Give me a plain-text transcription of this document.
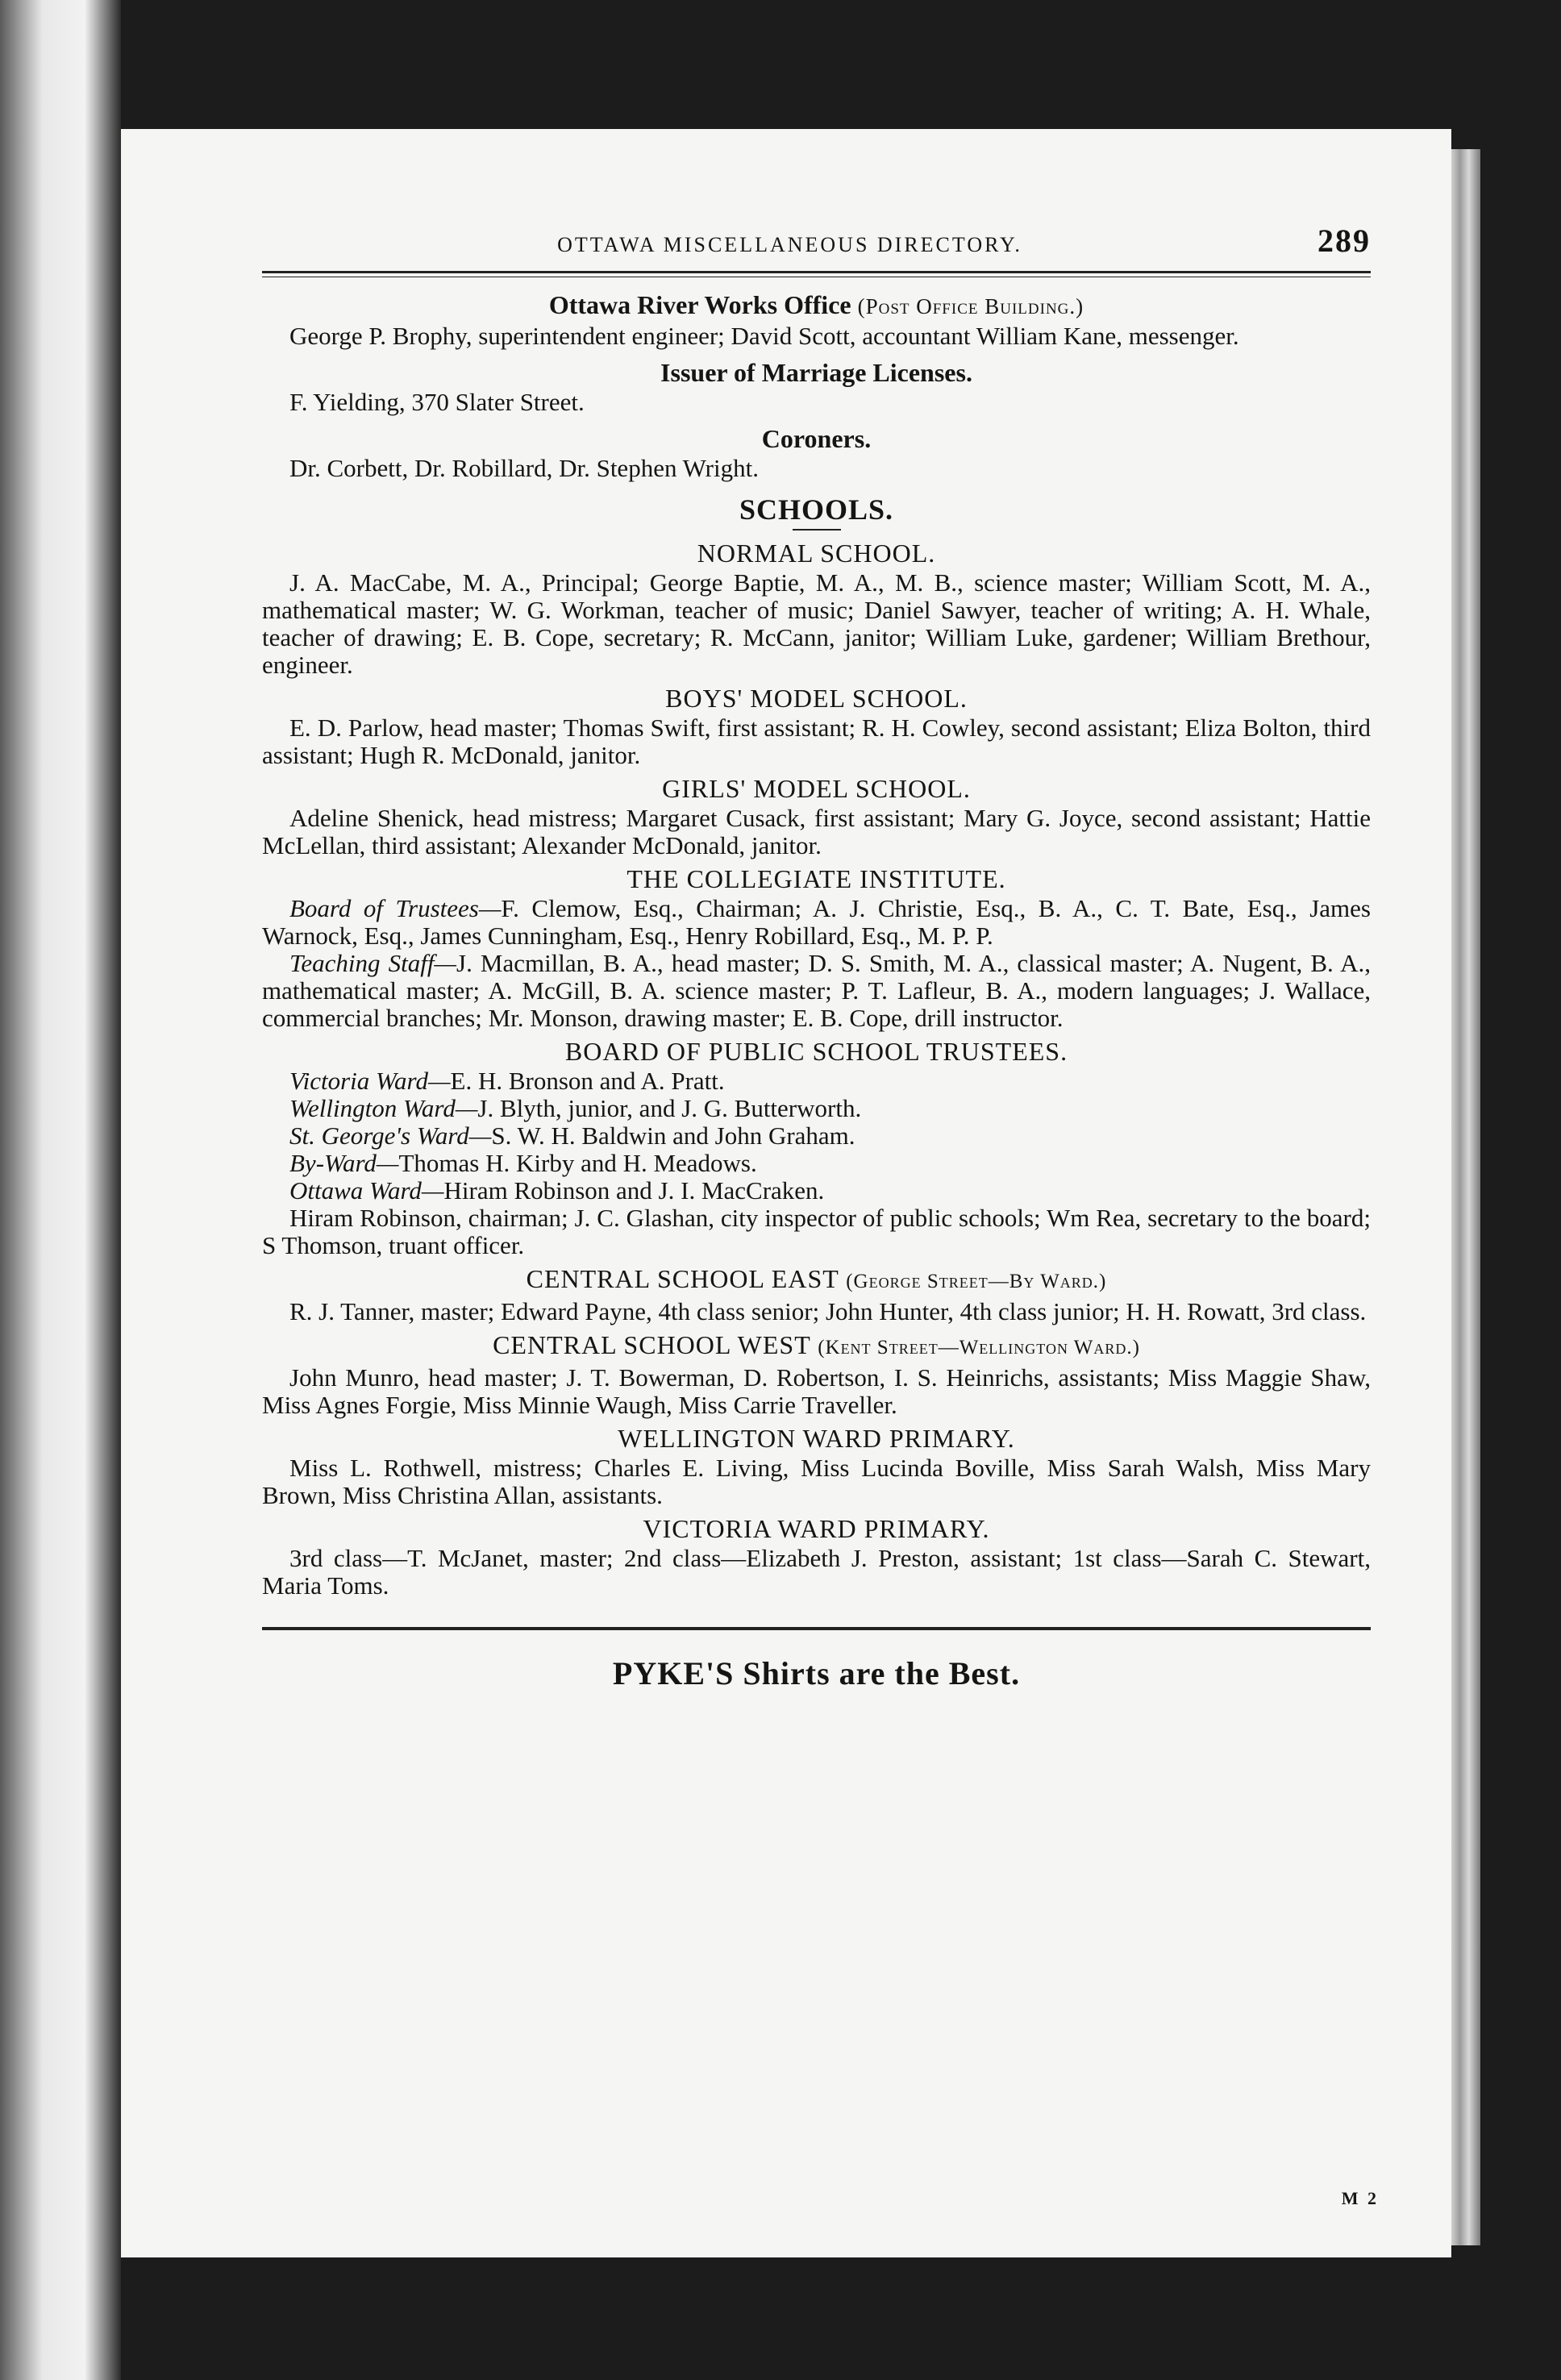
OTTAWA MISCELLANEOUS DIRECTORY.	289
Ottawa River Works Office (Post Office Building.)

George P. Brophy, superintendent engineer; David Scott, accountant William Kane, messenger.

Issuer of Marriage Licenses.

F. Yielding, 370 Slater Street.

Coroners.

Dr. Corbett, Dr. Robillard, Dr. Stephen Wright.

SCHOOLS.
NORMAL SCHOOL.

J. A. MacCabe, M. A., Principal; George Baptie, M. A., M. B., science master; William Scott, M. A., mathematical master; W. G. Workman, teacher of music; Daniel Sawyer, teacher of writing; A. H. Whale, teacher of drawing; E. B. Cope, secretary; R. McCann, janitor; William Luke, gardener; William Brethour, engineer.

BOYS' MODEL SCHOOL.

E. D. Parlow, head master; Thomas Swift, first assistant; R. H. Cowley, second assistant; Eliza Bolton, third assistant; Hugh R. McDonald, janitor.

GIRLS' MODEL SCHOOL.

Adeline Shenick, head mistress; Margaret Cusack, first assistant; Mary G. Joyce, second assistant; Hattie McLellan, third assistant; Alexander McDonald, janitor.

THE COLLEGIATE INSTITUTE.

Board of Trustees—F. Clemow, Esq., Chairman; A. J. Christie, Esq., B. A., C. T. Bate, Esq., James Warnock, Esq., James Cunningham, Esq., Henry Robillard, Esq., M. P. P.

Teaching Staff—J. Macmillan, B. A., head master; D. S. Smith, M. A., classical master; A. Nugent, B. A., mathematical master; A. McGill, B. A. science master; P. T. Lafleur, B. A., modern languages; J. Wallace, commercial branches; Mr. Monson, drawing master; E. B. Cope, drill instructor.

BOARD OF PUBLIC SCHOOL TRUSTEES.

Victoria Ward—E. H. Bronson and A. Pratt.

Wellington Ward—J. Blyth, junior, and J. G. Butterworth.

St. George's Ward—S. W. H. Baldwin and John Graham.

By-Ward—Thomas H. Kirby and H. Meadows.

Ottawa Ward—Hiram Robinson and J. I. MacCraken.

Hiram Robinson, chairman; J. C. Glashan, city inspector of public schools; Wm Rea, secretary to the board; S Thomson, truant officer.

CENTRAL SCHOOL EAST (George Street—By Ward.)

R. J. Tanner, master; Edward Payne, 4th class senior; John Hunter, 4th class junior; H. H. Rowatt, 3rd class.

CENTRAL SCHOOL WEST (Kent Street—Wellington Ward.)

John Munro, head master; J. T. Bowerman, D. Robertson, I. S. Heinrichs, assistants; Miss Maggie Shaw, Miss Agnes Forgie, Miss Minnie Waugh, Miss Carrie Traveller.

WELLINGTON WARD PRIMARY.

Miss L. Rothwell, mistress; Charles E. Living, Miss Lucinda Boville, Miss Sarah Walsh, Miss Mary Brown, Miss Christina Allan, assistants.

VICTORIA WARD PRIMARY.

3rd class—T. McJanet, master; 2nd class—Elizabeth J. Preston, assistant; 1st class—Sarah C. Stewart, Maria Toms.

PYKE'S Shirts are the Best.
M 2
